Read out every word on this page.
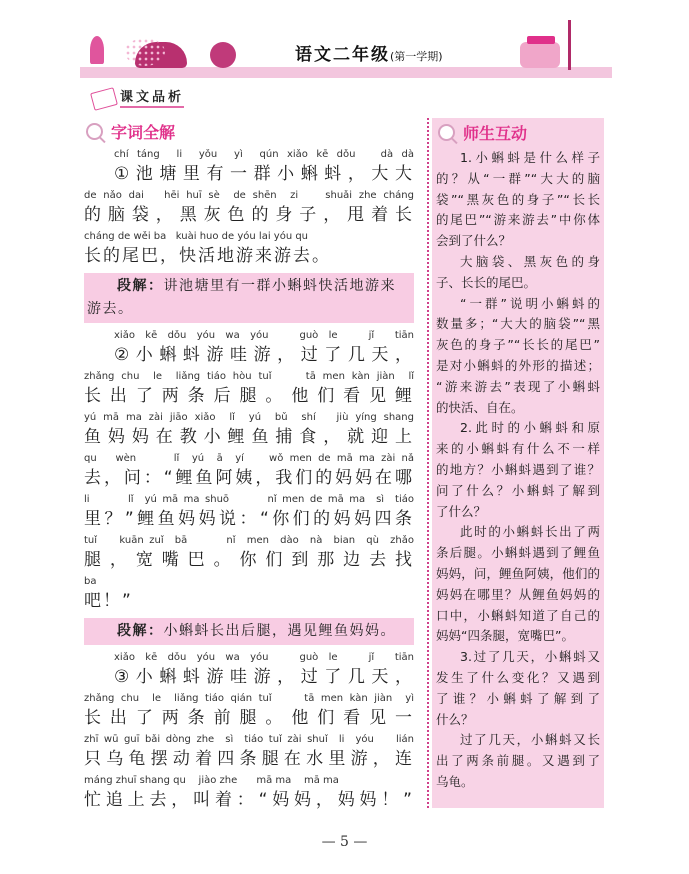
语文二年级(第一学期)
课文品析
字词全解
chí táng  li  yǒu  yì  qún xiǎo kē dǒu   dà dà
①池塘里有一群小蝌蚪，大大
de nǎo dai   hēi huī sè  de shēn  zi    shuǎi zhe cháng
的脑袋，黑灰色的身子，甩着长
cháng de wěi ba   kuài huo de yóu lai yóu qu
长的尾巴，快活地游来游去。
段解：讲池塘里有一群小蝌蚪快活地游来游去。
xiǎo kē dǒu yóu wa yóu   guò le   jǐ  tiān
②小蝌蚪游哇游，过了几天，
zhǎng chu  le  liǎng tiáo hòu tuǐ     tā men kàn jiàn  lǐ
长出了两条后腿。他们看见鲤
yú mā ma zài jiāo xiǎo  lǐ  yú  bǔ  shí   jiù yíng shang
鱼妈妈在教小鲤鱼捕食，就迎上
qu   wèn      lǐ  yú  ā  yí    wǒ men de mā ma zài nǎ
去，问：“鲤鱼阿姨，我们的妈妈在哪
li       lǐ  yú mā ma shuō       nǐ men de mā ma  sì  tiáo
里？”鲤鱼妈妈说：“你们的妈妈四条
tuǐ    kuān zuǐ  bā       nǐ  men  dào  nà  bian  qù  zhǎo
腿，宽嘴巴。你们到那边去找
ba
吧！”
段解：小蝌蚪长出后腿，遇见鲤鱼妈妈。
xiǎo kē dǒu yóu wa yóu   guò le   jǐ  tiān
③小蝌蚪游哇游，过了几天，
zhǎng chu  le  liǎng tiáo qián tuǐ     tā men kàn jiàn  yì
长出了两条前腿。他们看见一
zhī wū guī bǎi dòng zhe  sì  tiáo tuǐ zài shuǐ  li  yóu    lián
只乌龟摆动着四条腿在水里游，连
máng zhuī shang qu    jiào zhe      mā ma    mā ma
忙追上去，叫着：“妈妈，妈妈！”
师生互动
1.小蝌蚪是什么样子
的？从“一群”“大大的脑
袋”“黑灰色的身子”“长长
的尾巴”“游来游去”中你体
会到了什么？
大脑袋、黑灰色的身
子、长长的尾巴。
“一群”说明小蝌蚪的
数量多；“大大的脑袋”“黑
灰色的身子”“长长的尾巴”
是对小蝌蚪的外形的描述；
“游来游去”表现了小蝌蚪
的快活、自在。
2.此时的小蝌蚪和原
来的小蝌蚪有什么不一样
的地方？小蝌蚪遇到了谁？
问了什么？小蝌蚪了解到
了什么？
此时的小蝌蚪长出了两
条后腿。小蝌蚪遇到了鲤鱼
妈妈，问，鲤鱼阿姨，他们的
妈妈在哪里？从鲤鱼妈妈的
口中，小蝌蚪知道了自己的
妈妈“四条腿，宽嘴巴”。
3.过了几天，小蝌蚪又
发生了什么变化？又遇到
了谁？小蝌蚪了解到了
什么？
过了几天，小蝌蚪又长
出了两条前腿。又遇到了
乌龟。
— 5 —
